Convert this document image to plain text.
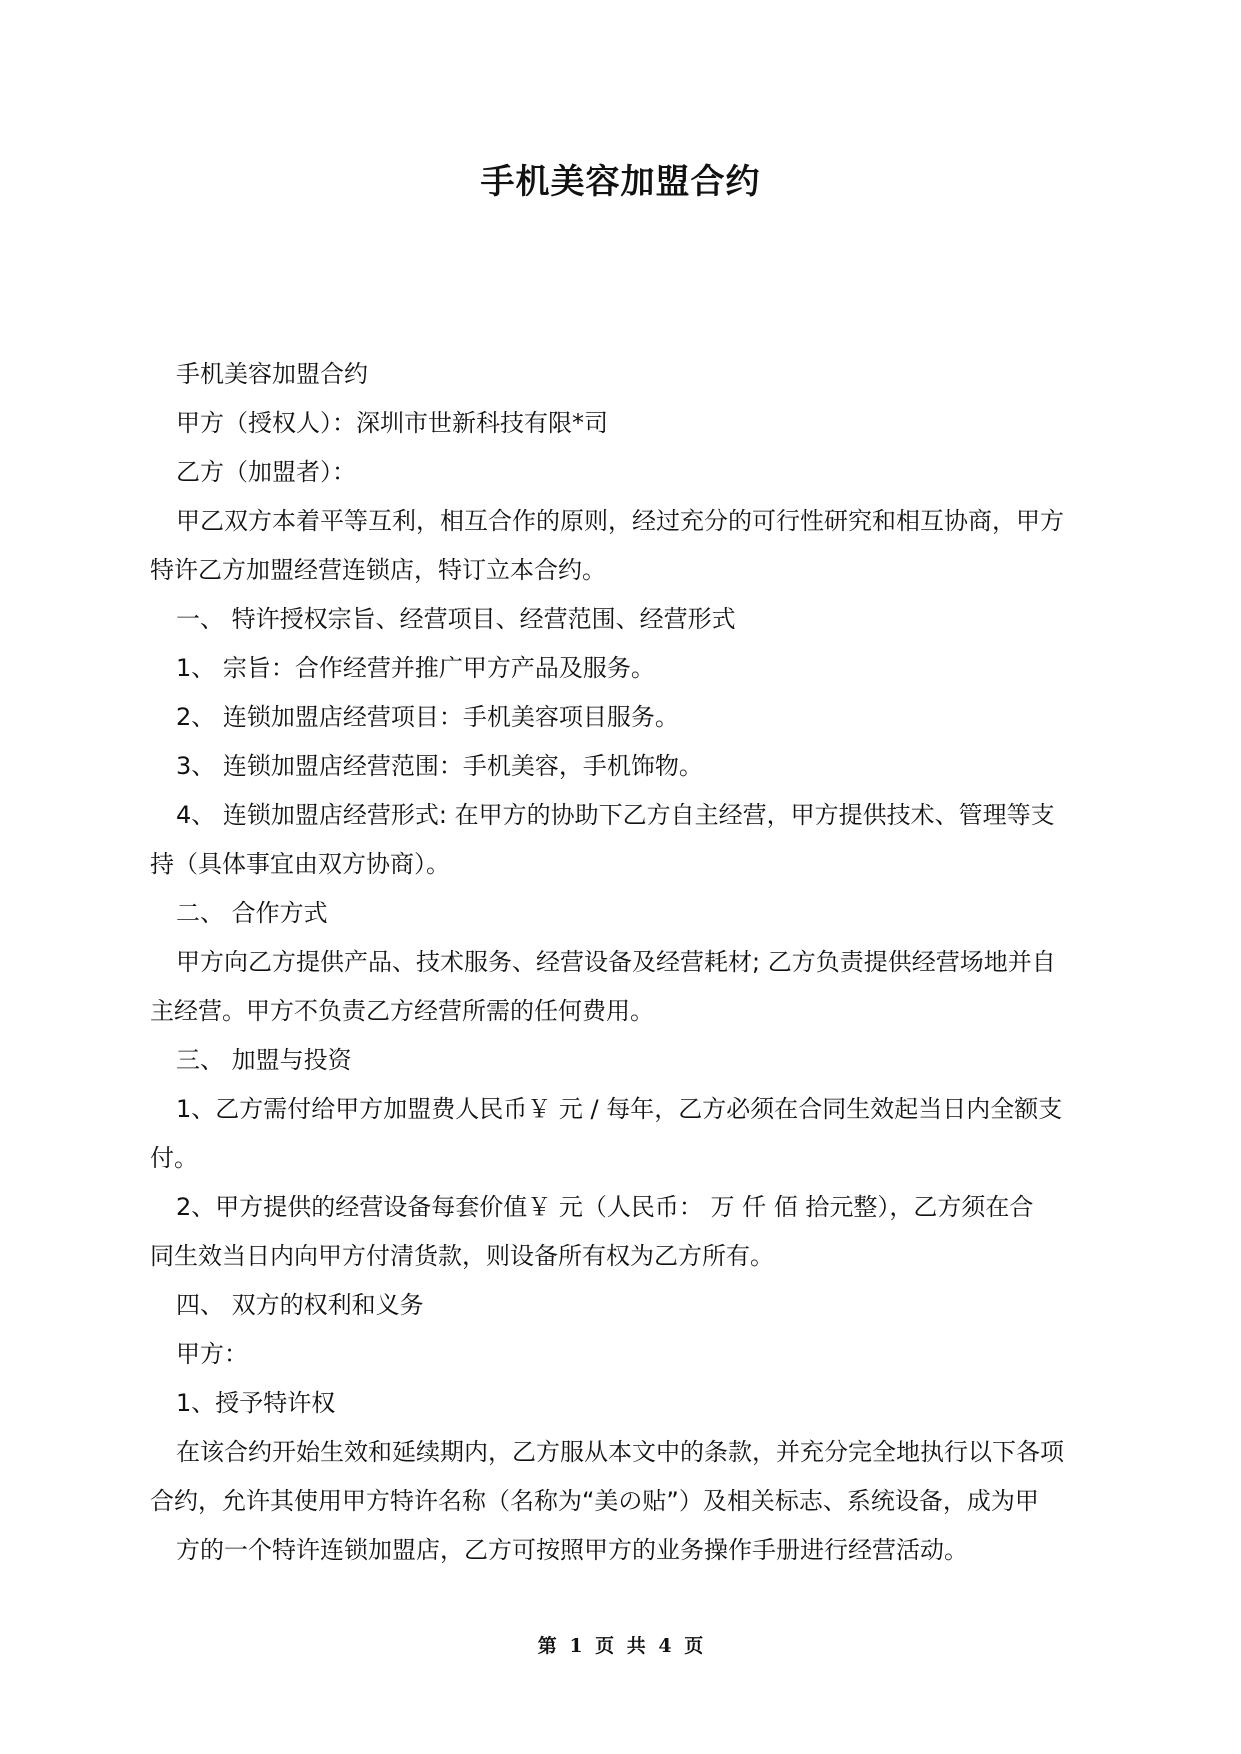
手机美容加盟合约

手机美容加盟合约

甲方（授权人）：深圳市世新科技有限*司

乙方（加盟者）：

甲乙双方本着平等互利，相互合作的原则，经过充分的可行性研究和相互协商，甲方

特许乙方加盟经营连锁店，特订立本合约。

一、 特许授权宗旨、经营项目、经营范围、经营形式

1、 宗旨：合作经营并推广甲方产品及服务。

2、 连锁加盟店经营项目：手机美容项目服务。

3、 连锁加盟店经营范围：手机美容，手机饰物。

4、 连锁加盟店经营形式: 在甲方的协助下乙方自主经营，甲方提供技术、管理等支

持（具体事宜由双方协商）。

二、 合作方式

甲方向乙方提供产品、技术服务、经营设备及经营耗材; 乙方负责提供经营场地并自

主经营。甲方不负责乙方经营所需的任何费用。

三、 加盟与投资

1、乙方需付给甲方加盟费人民币￥ 元 / 每年，乙方必须在合同生效起当日内全额支

付。

2、甲方提供的经营设备每套价值￥ 元（人民币： 万 仟 佰 拾元整），乙方须在合

同生效当日内向甲方付清货款，则设备所有权为乙方所有。

四、 双方的权利和义务

甲方：

1、授予特许权

在该合约开始生效和延续期内，乙方服从本文中的条款，并充分完全地执行以下各项

合约，允许其使用甲方特许名称（名称为“美の贴”）及相关标志、系统设备，成为甲

方的一个特许连锁加盟店，乙方可按照甲方的业务操作手册进行经营活动。

第 1 页 共 4 页
